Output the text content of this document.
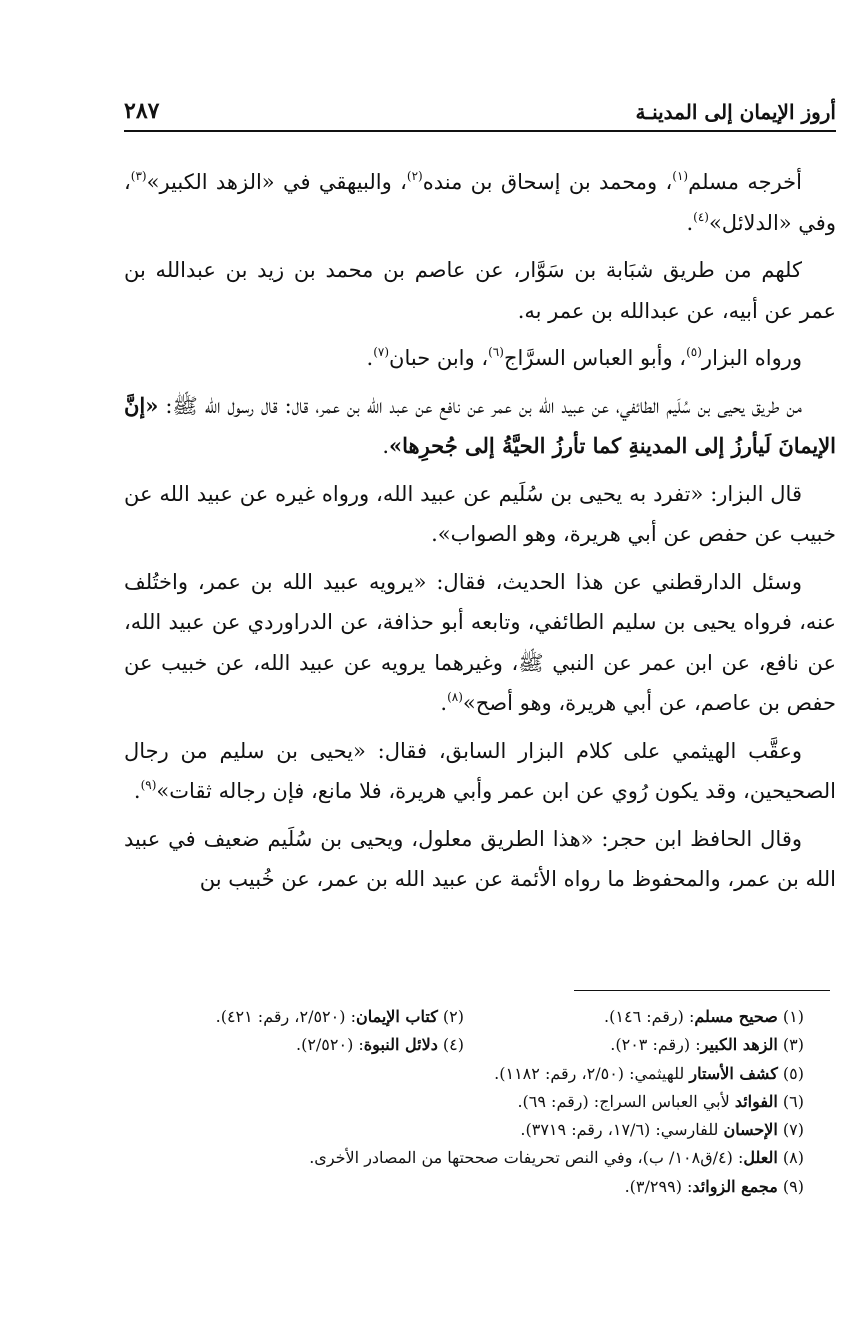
٢٨٧	أروز الإيمان إلى المدينـة

أخرجه مسلم$^{(١)}$، ومحمد بن إسحاق بن منده$^{(٢)}$، والبيهقي في «الزهد الكبير»$^{(٣)}$، وفي «الدلائل»$^{(٤)}$.

كلهم من طريق شبَابة بن سَوَّار، عن عاصم بن محمد بن زيد بن عبدالله بن عمر عن أبيه، عن عبدالله بن عمر به.

ورواه البزار$^{(٥)}$، وأبو العباس السرَّاج$^{(٦)}$، وابن حبان$^{(٧)}$.

من طريق يحيى بن سُلَيم الطائفي، عن عبيد الله بن عمر عن نافع عن عبد الله بن عمر، قال: قال رسول الله ﷺ: «إنَّ الإيمانَ لَيأرزُ إلى المدينةِ كما تأرزُ الحيَّةُ إلى جُحرِها».

قال البزار: «تفرد به يحيى بن سُلَيم عن عبيد الله، ورواه غيره عن عبيد الله عن خبيب عن حفص عن أبي هريرة، وهو الصواب».

وسئل الدارقطني عن هذا الحديث، فقال: «يرويه عبيد الله بن عمر، واختُلف عنه، فرواه يحيى بن سليم الطائفي، وتابعه أبو حذافة، عن الدراوردي عن عبيد الله، عن نافع، عن ابن عمر عن النبي ﷺ، وغيرهما يرويه عن عبيد الله، عن خبيب عن حفص بن عاصم، عن أبي هريرة، وهو أصح»$^{(٨)}$.

وعقَّب الهيثمي على كلام البزار السابق، فقال: «يحيى بن سليم من رجال الصحيحين، وقد يكون رُوي عن ابن عمر وأبي هريرة، فلا مانع، فإن رجاله ثقات»$^{(٩)}$.

وقال الحافظ ابن حجر: «هذا الطريق معلول، ويحيى بن سُلَيم ضعيف في عبيد الله بن عمر، والمحفوظ ما رواه الأئمة عن عبيد الله بن عمر، عن خُبيب بن

(١) صحيح مسلم: (رقم: ١٤٦).
(٢) كتاب الإيمان: (٢/٥٢٠، رقم: ٤٢١).
(٣) الزهد الكبير: (رقم: ٢٠٣).
(٤) دلائل النبوة: (٢/٥٢٠).
(٥) كشف الأستار للهيثمي: (٢/٥٠، رقم: ١١٨٢).
(٦) الفوائد لأبي العباس السراج: (رقم: ٦٩).
(٧) الإحسان للفارسي: (١٧/٦، رقم: ٣٧١٩).
(٨) العلل: (٤/ق١٠٨/ ب)، وفي النص تحريفات صححتها من المصادر الأخرى.
(٩) مجمع الزوائد: (٣/٢٩٩).
